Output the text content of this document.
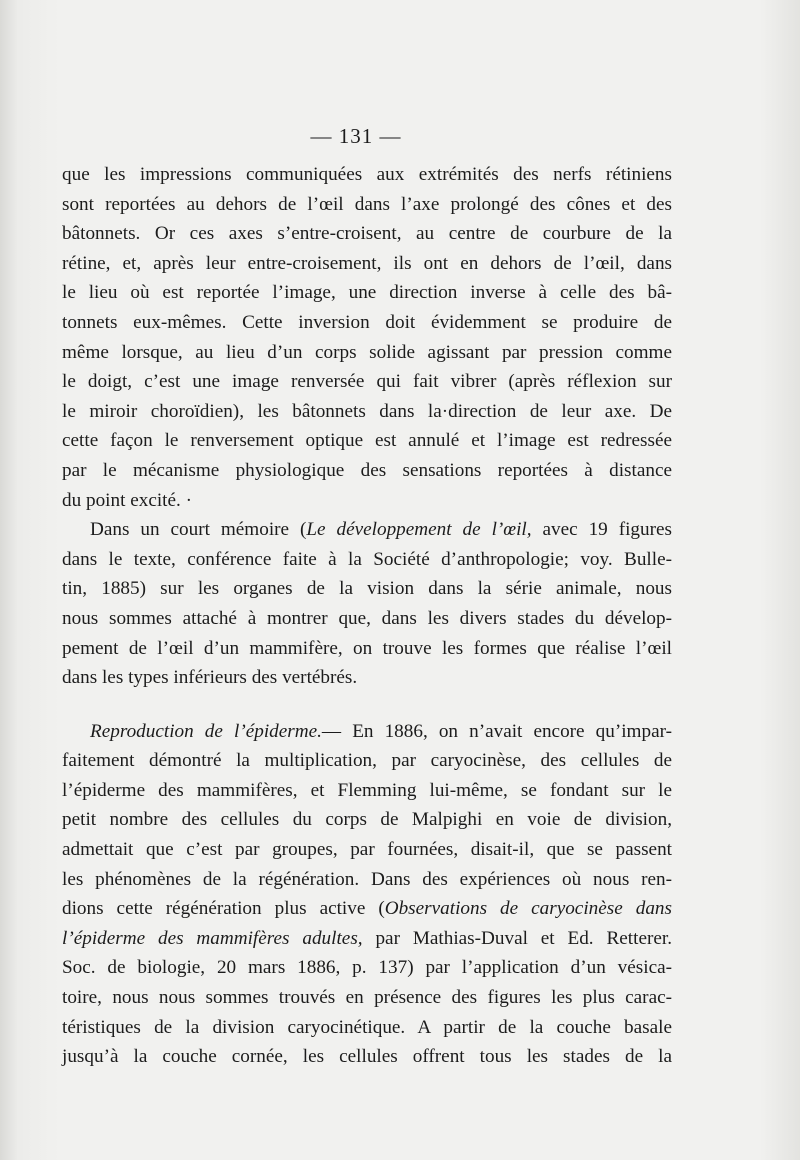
— 131 —
que les impressions communiquées aux extrémités des nerfs rétiniens
sont reportées au dehors de l’œil dans l’axe prolongé des cônes et des
bâtonnets. Or ces axes s’entre-croisent, au centre de courbure de la
rétine, et, après leur entre-croisement, ils ont en dehors de l’œil, dans
le lieu où est reportée l’image, une direction inverse à celle des bâ-
tonnets eux-mêmes. Cette inversion doit évidemment se produire de
même lorsque, au lieu d’un corps solide agissant par pression comme
le doigt, c’est une image renversée qui fait vibrer (après réflexion sur
le miroir choroïdien), les bâtonnets dans la·direction de leur axe. De
cette façon le renversement optique est annulé et l’image est redressée
par le mécanisme physiologique des sensations reportées à distance
du point excité. ·
Dans un court mémoire (Le développement de l’œil, avec 19 figures
dans le texte, conférence faite à la Société d’anthropologie; voy. Bulle-
tin, 1885) sur les organes de la vision dans la série animale, nous
nous sommes attaché à montrer que, dans les divers stades du dévelop-
pement de l’œil d’un mammifère, on trouve les formes que réalise l’œil
dans les types inférieurs des vertébrés.
Reproduction de l’épiderme.— En 1886, on n’avait encore qu’impar-
faitement démontré la multiplication, par caryocinèse, des cellules de
l’épiderme des mammifères, et Flemming lui-même, se fondant sur le
petit nombre des cellules du corps de Malpighi en voie de division,
admettait que c’est par groupes, par fournées, disait-il, que se passent
les phénomènes de la régénération. Dans des expériences où nous ren-
dions cette régénération plus active (Observations de caryocinèse dans
l’épiderme des mammifères adultes, par Mathias-Duval et Ed. Retterer.
Soc. de biologie, 20 mars 1886, p. 137) par l’application d’un vésica-
toire, nous nous sommes trouvés en présence des figures les plus carac-
téristiques de la division caryocinétique. A partir de la couche basale
jusqu’à la couche cornée, les cellules offrent tous les stades de la
